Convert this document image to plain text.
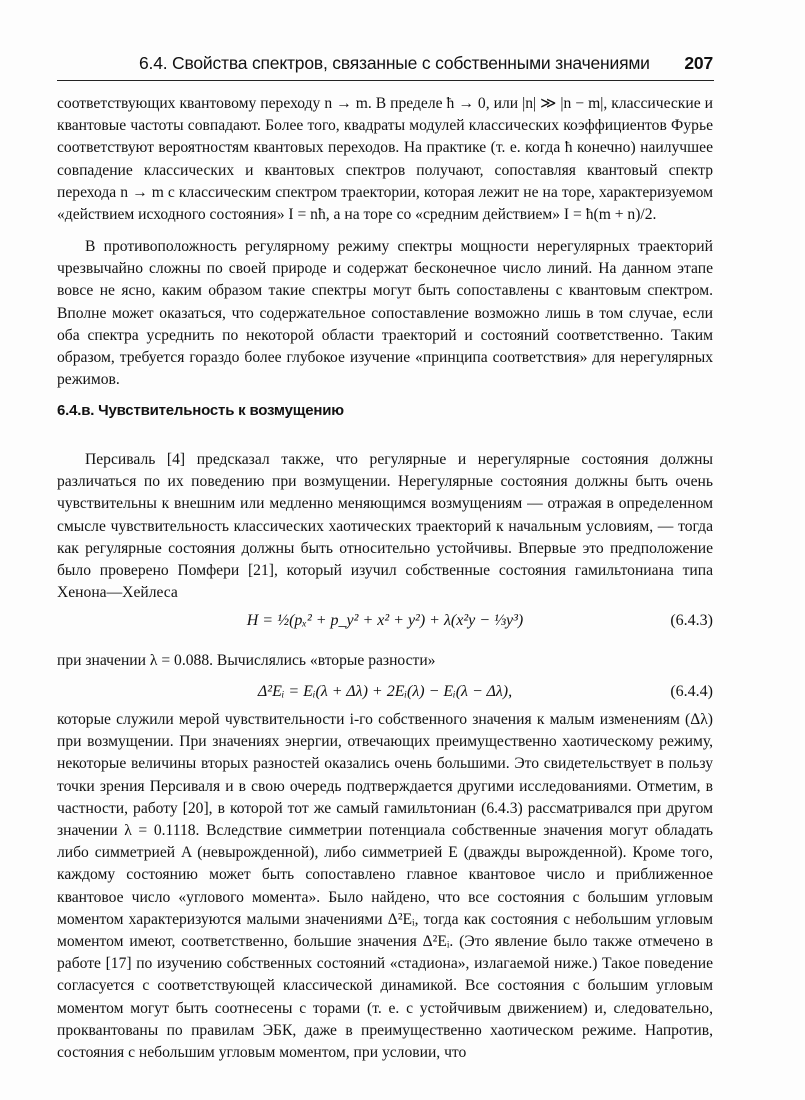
6.4. Свойства спектров, связанные с собственными значениями 207

соответствующих квантовому переходу n → m. В пределе ħ → 0, или |n| ≫ |n − m|, классические и квантовые частоты совпадают. Более того, квадраты модулей классических коэффициентов Фурье соответствуют вероятностям квантовых переходов. На практике (т. е. когда ħ конечно) наилучшее совпадение классических и квантовых спектров получают, сопоставляя квантовый спектр перехода n → m с классическим спектром траектории, которая лежит не на торе, характеризуемом «действием исходного состояния» I = nħ, а на торе со «средним действием» I = ħ(m + n)/2.

В противоположность регулярному режиму спектры мощности нерегулярных траекторий чрезвычайно сложны по своей природе и содержат бесконечное число линий. На данном этапе вовсе не ясно, каким образом такие спектры могут быть сопоставлены с квантовым спектром. Вполне может оказаться, что содержательное сопоставление возможно лишь в том случае, если оба спектра усреднить по некоторой области траекторий и состояний соответственно. Таким образом, требуется гораздо более глубокое изучение «принципа соответствия» для нерегулярных режимов.

6.4.в. Чувствительность к возмущению

Персиваль [4] предсказал также, что регулярные и нерегулярные состояния должны различаться по их поведению при возмущении. Нерегулярные состояния должны быть очень чувствительны к внешним или медленно меняющимся возмущениям — отражая в определенном смысле чувствительность классических хаотических траекторий к начальным условиям, — тогда как регулярные состояния должны быть относительно устойчивы. Впервые это предположение было проверено Помфери [21], который изучил собственные состояния гамильтониана типа Хенона—Хейлеса

H = ½(pₓ² + p_y² + x² + y²) + λ(x²y − ⅓y³)	(6.4.3)

при значении λ = 0.088. Вычислялись «вторые разности»

Δ²Eᵢ = Eᵢ(λ + Δλ) + 2Eᵢ(λ) − Eᵢ(λ − Δλ),	(6.4.4)

которые служили мерой чувствительности i-го собственного значения к малым изменениям (Δλ) при возмущении. При значениях энергии, отвечающих преимущественно хаотическому режиму, некоторые величины вторых разностей оказались очень большими. Это свидетельствует в пользу точки зрения Персиваля и в свою очередь подтверждается другими исследованиями. Отметим, в частности, работу [20], в которой тот же самый гамильтониан (6.4.3) рассматривался при другом значении λ = 0.1118. Вследствие симметрии потенциала собственные значения могут обладать либо симметрией A (невырожденной), либо симметрией E (дважды вырожденной). Кроме того, каждому состоянию может быть сопоставлено главное квантовое число и приближенное квантовое число «углового момента». Было найдено, что все состояния с большим угловым моментом характеризуются малыми значениями Δ²Eᵢ, тогда как состояния с небольшим угловым моментом имеют, соответственно, большие значения Δ²Eᵢ. (Это явление было также отмечено в работе [17] по изучению собственных состояний «стадиона», излагаемой ниже.) Такое поведение согласуется с соответствующей классической динамикой. Все состояния с большим угловым моментом могут быть соотнесены с торами (т. е. с устойчивым движением) и, следовательно, проквантованы по правилам ЭБК, даже в преимущественно хаотическом режиме. Напротив, состояния с небольшим угловым моментом, при условии, что
